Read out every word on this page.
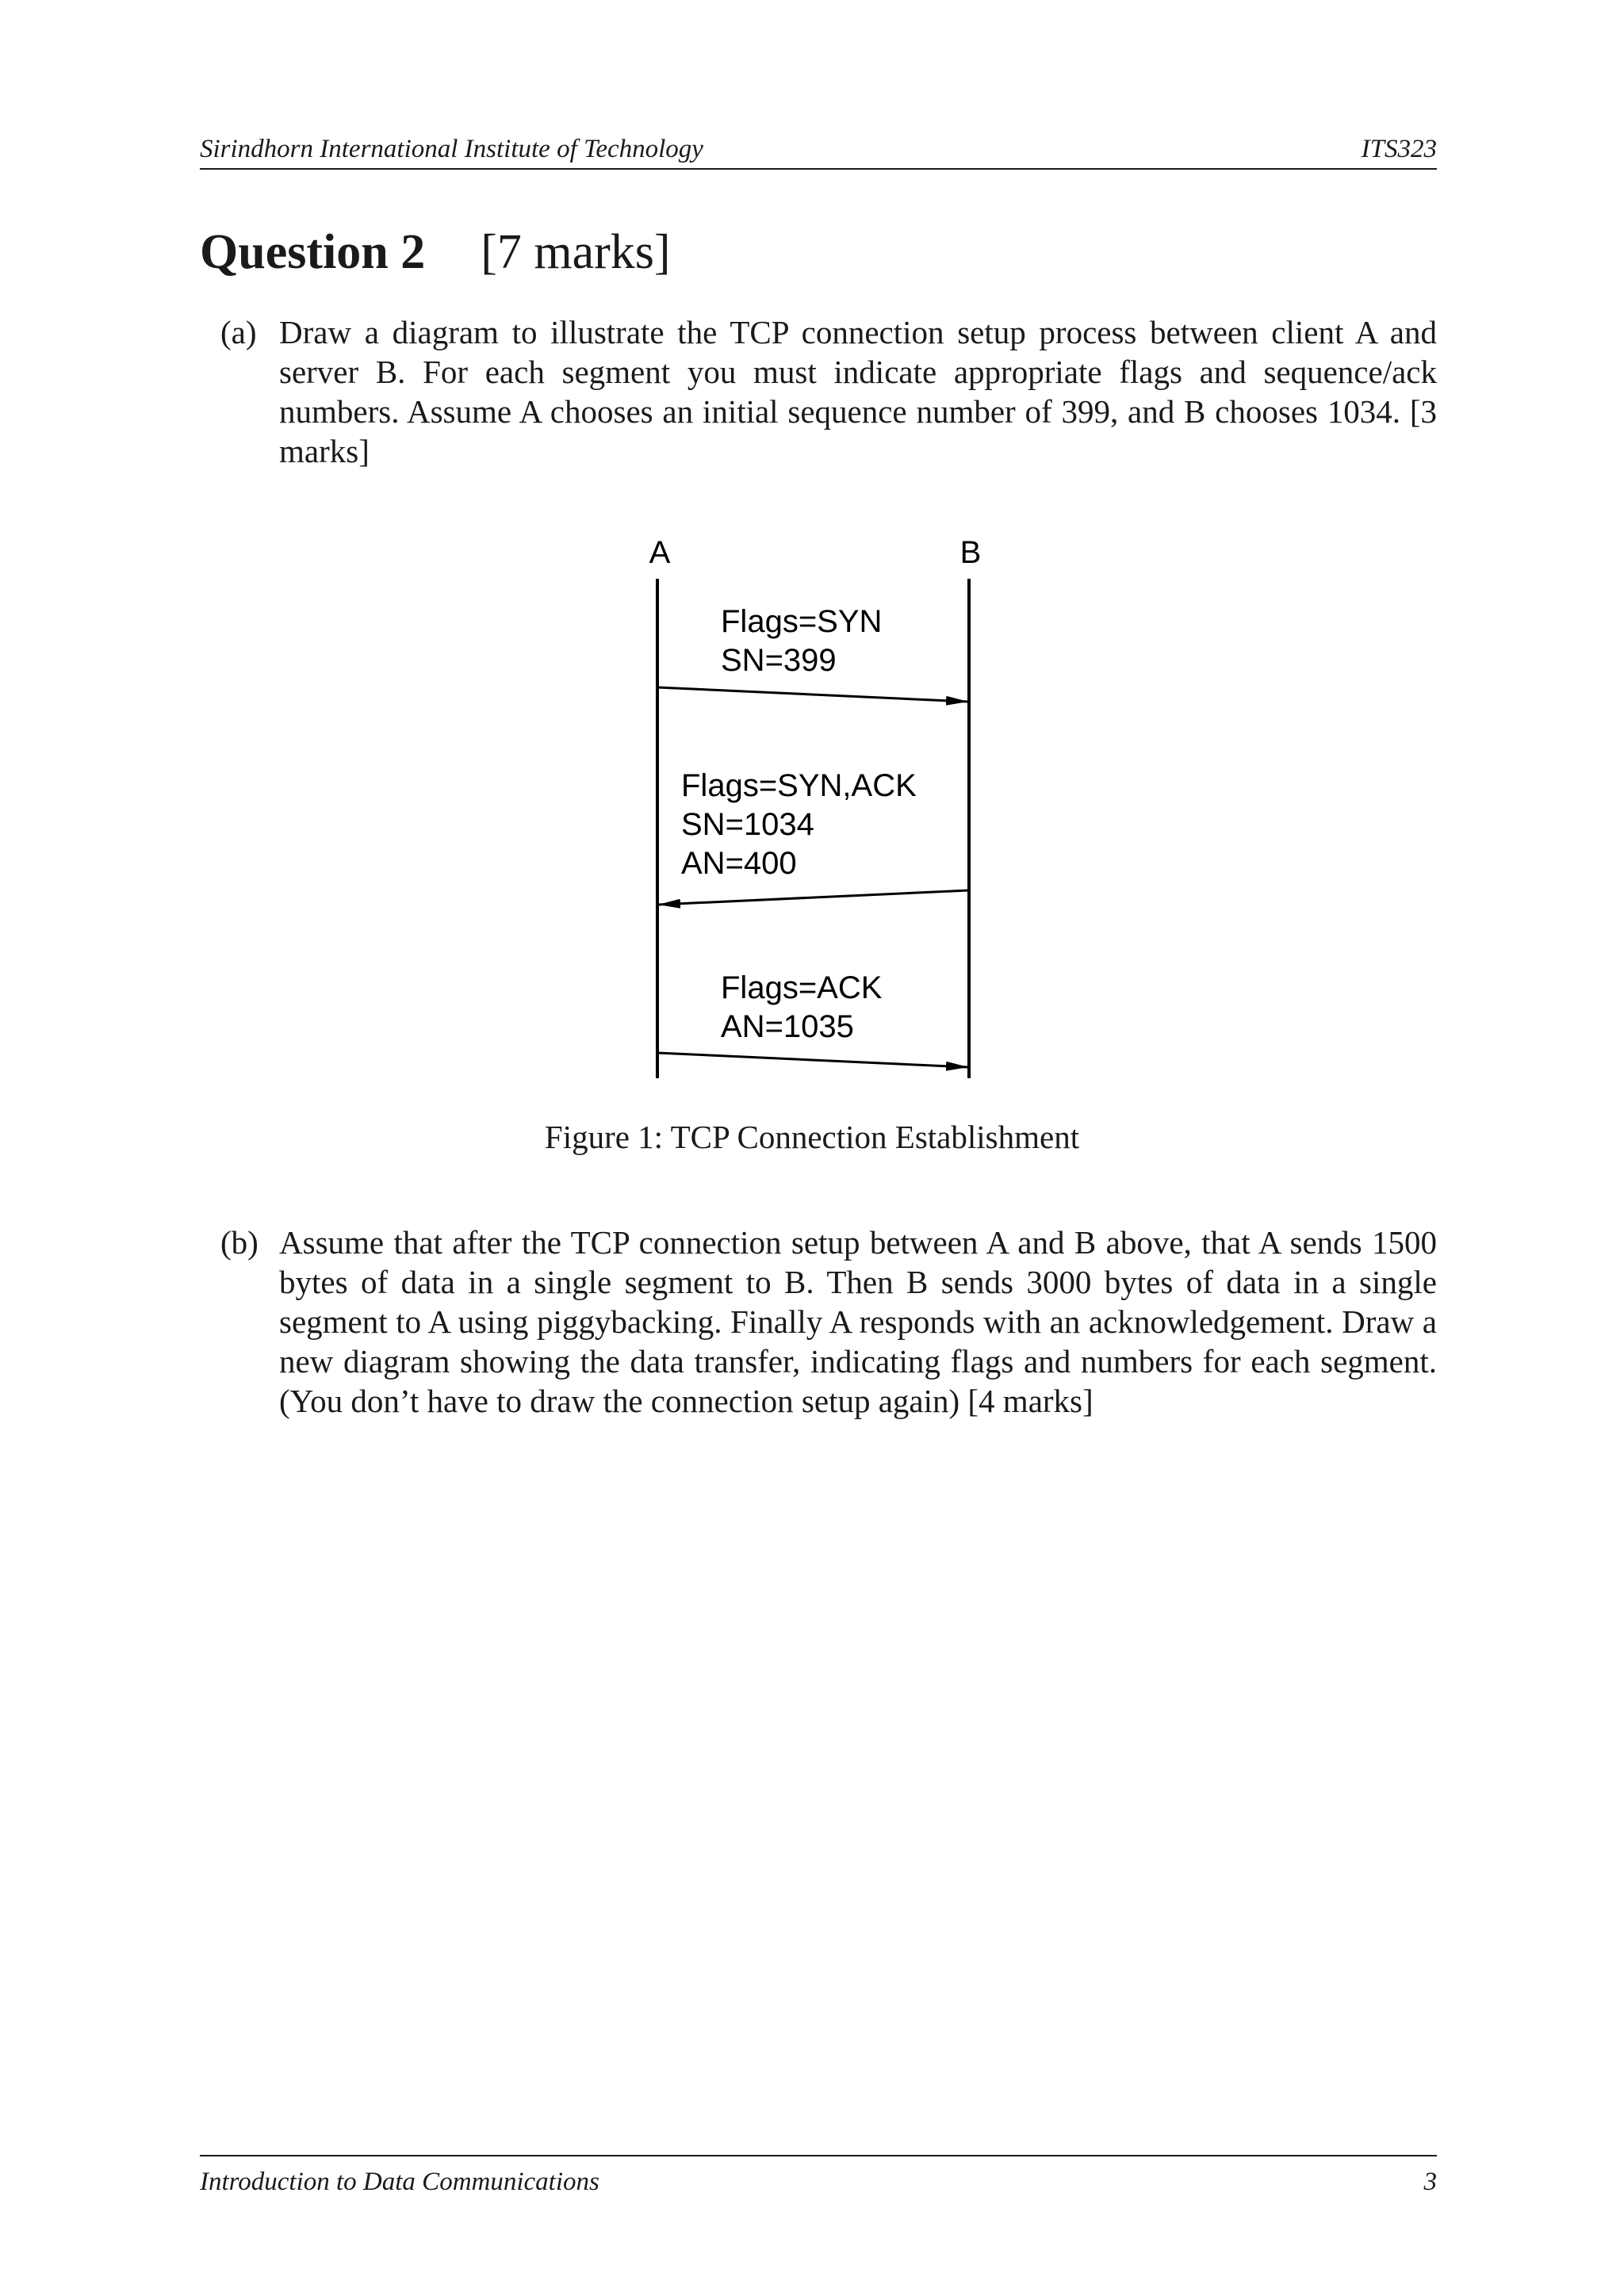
Sirindhorn International Institute of Technology	ITS323
Question 2 [7 marks]
(a) Draw a diagram to illustrate the TCP connection setup process between client A and server B. For each segment you must indicate appropriate flags and sequence/ack numbers. Assume A chooses an initial sequence number of 399, and B chooses 1034. [3 marks]
A	B
Flags=SYN
SN=399
Flags=SYN,ACK
SN=1034
AN=400
Flags=ACK
AN=1035
Figure 1: TCP Connection Establishment
(b) Assume that after the TCP connection setup between A and B above, that A sends 1500 bytes of data in a single segment to B. Then B sends 3000 bytes of data in a single segment to A using piggybacking. Finally A responds with an acknowledgement. Draw a new diagram showing the data transfer, indicating flags and numbers for each segment. (You don’t have to draw the connection setup again) [4 marks]
Introduction to Data Communications	3
